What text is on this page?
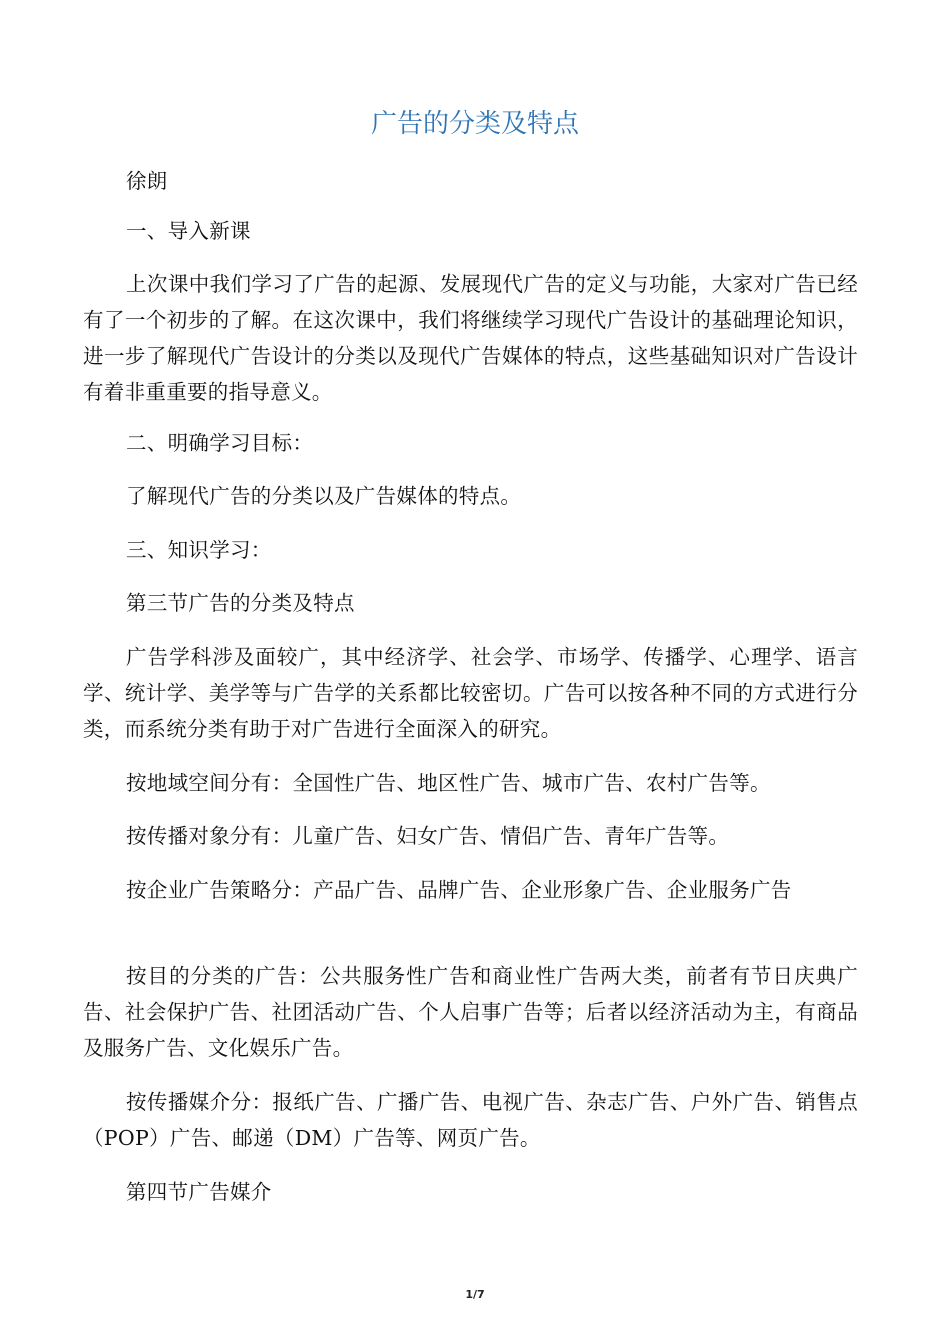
广告的分类及特点

徐朗

一、导入新课

上次课中我们学习了广告的起源、发展现代广告的定义与功能，大家对广告已经有了一个初步的了解。在这次课中，我们将继续学习现代广告设计的基础理论知识，进一步了解现代广告设计的分类以及现代广告媒体的特点，这些基础知识对广告设计有着非重重要的指导意义。

二、明确学习目标：

了解现代广告的分类以及广告媒体的特点。

三、知识学习：

第三节广告的分类及特点

广告学科涉及面较广，其中经济学、社会学、市场学、传播学、心理学、语言学、统计学、美学等与广告学的关系都比较密切。广告可以按各种不同的方式进行分类，而系统分类有助于对广告进行全面深入的研究。

按地域空间分有：全国性广告、地区性广告、城市广告、农村广告等。

按传播对象分有：儿童广告、妇女广告、情侣广告、青年广告等。

按企业广告策略分：产品广告、品牌广告、企业形象广告、企业服务广告

按目的分类的广告：公共服务性广告和商业性广告两大类，前者有节日庆典广告、社会保护广告、社团活动广告、个人启事广告等；后者以经济活动为主，有商品及服务广告、文化娱乐广告。

按传播媒介分：报纸广告、广播广告、电视广告、杂志广告、户外广告、销售点（POP）广告、邮递（DM）广告等、网页广告。

第四节广告媒介

1/7
